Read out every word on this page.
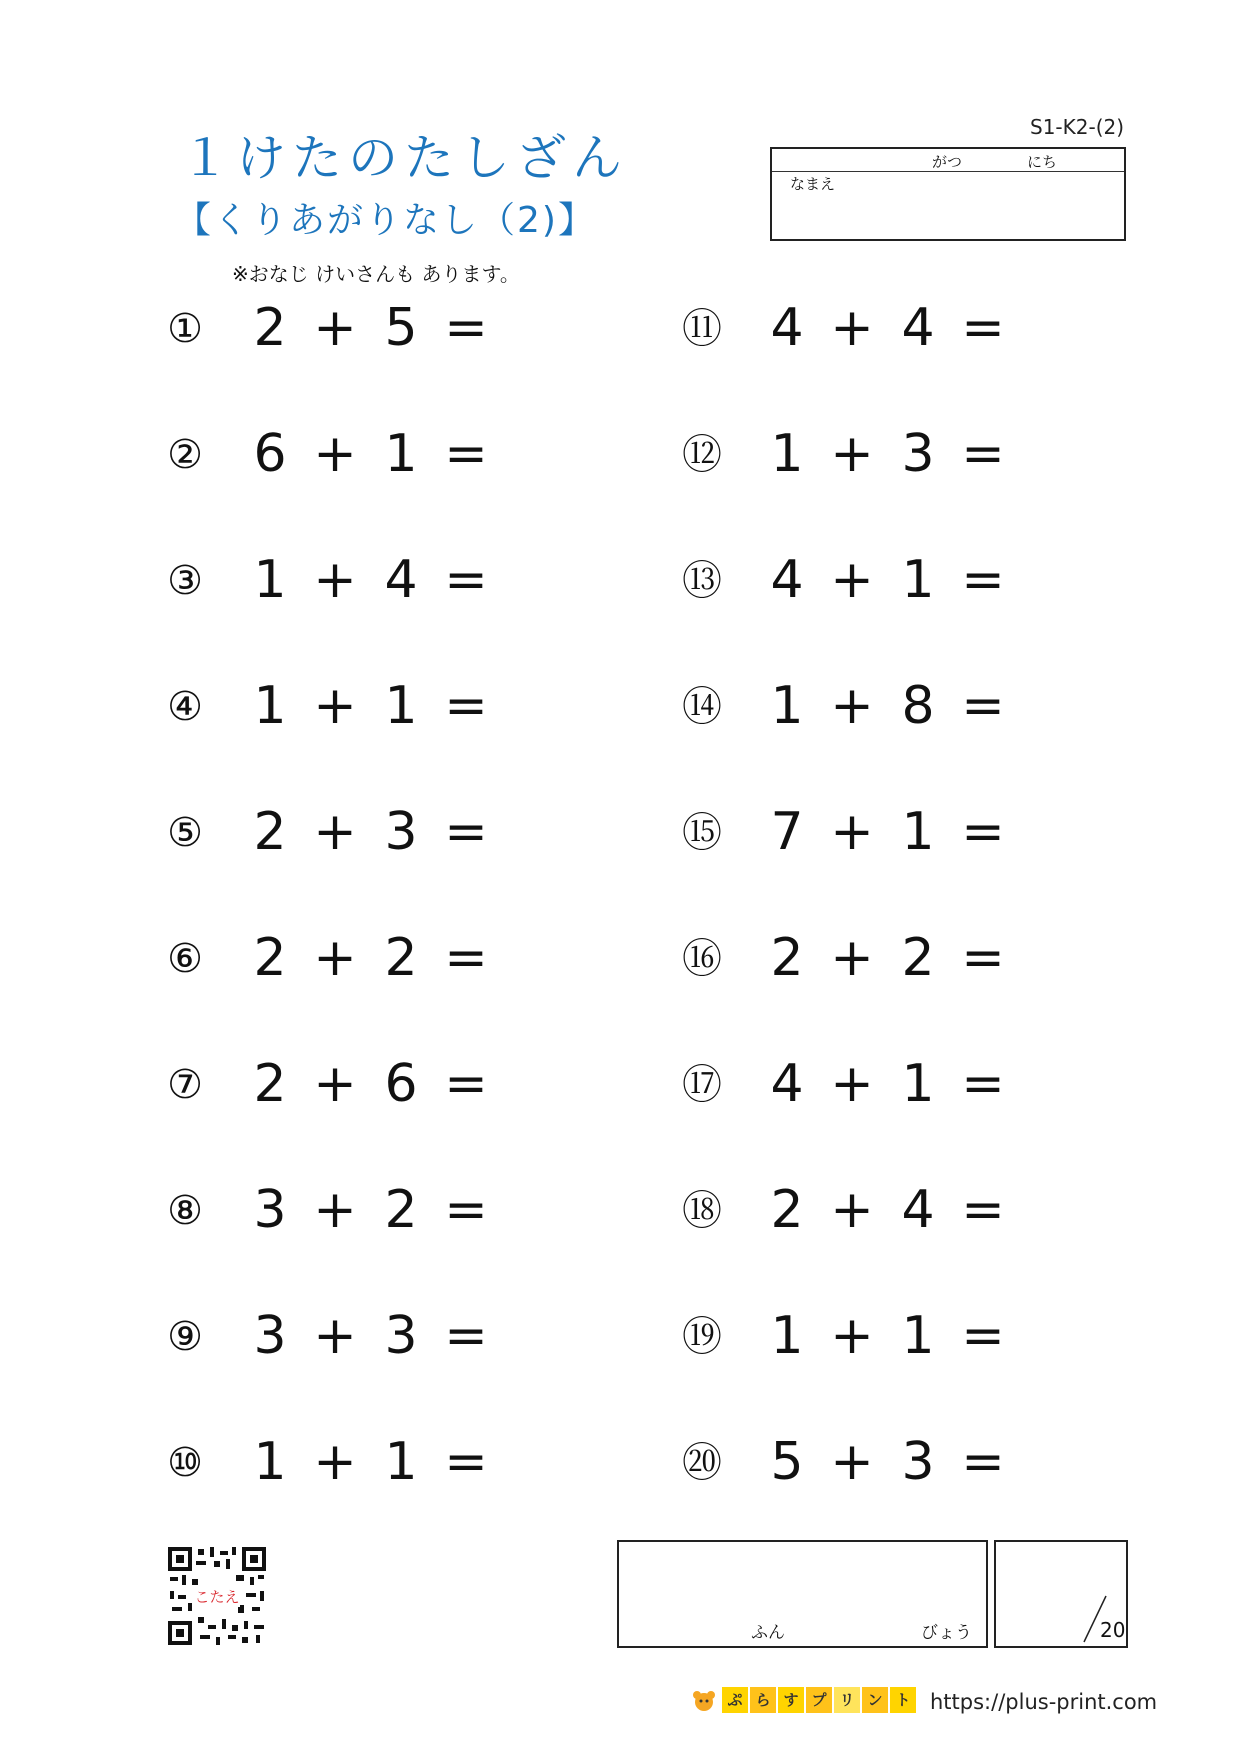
１けたのたしざん
【くりあがりなし（2)】
※おなじ けいさんも あります。
S1-K2-(2)
がつ	にち
なまえ
① 2 + 5 =
② 6 + 1 =
③ 1 + 4 =
④ 1 + 1 =
⑤ 2 + 3 =
⑥ 2 + 2 =
⑦ 2 + 6 =
⑧ 3 + 2 =
⑨ 3 + 3 =
⑩ 1 + 1 =
⑪ 4 + 4 =
⑫ 1 + 3 =
⑬ 4 + 1 =
⑭ 1 + 8 =
⑮ 7 + 1 =
⑯ 2 + 2 =
⑰ 4 + 1 =
⑱ 2 + 4 =
⑲ 1 + 1 =
⑳ 5 + 3 =
こたえ
ふん	びょう	20
ぷ ら す プ リ ン ト https://plus-print.com
